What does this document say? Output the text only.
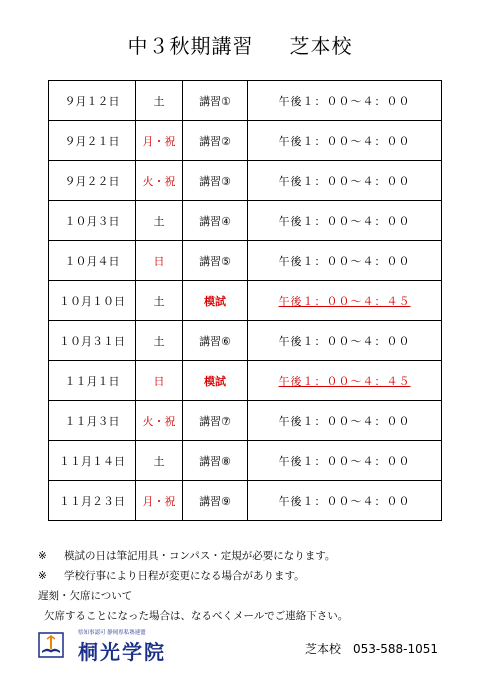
中３秋期講習 芝本校
９月１２日	土	講習①	午後１：００～４：００
９月２１日	月・祝	講習②	午後１：００～４：００
９月２２日	火・祝	講習③	午後１：００～４：００
１０月３日	土	講習④	午後１：００～４：００
１０月４日	日	講習⑤	午後１：００～４：００
１０月１０日	土	模試	午後１：００～４：４５
１０月３１日	土	講習⑥	午後１：００～４：００
１１月１日	日	模試	午後１：００～４：４５
１１月３日	火・祝	講習⑦	午後１：００～４：００
１１月１４日	土	講習⑧	午後１：００～４：００
１１月２３日	月・祝	講習⑨	午後１：００～４：００
※ 模試の日は筆記用具・コンパス・定規が必要になります。
※ 学校行事により日程が変更になる場合があります。
遅刻・欠席について
欠席することになった場合は、なるべくメールでご連絡下さい。
県知事認可 静岡県私塾連盟
桐光学院	芝本校 053-588-1051
